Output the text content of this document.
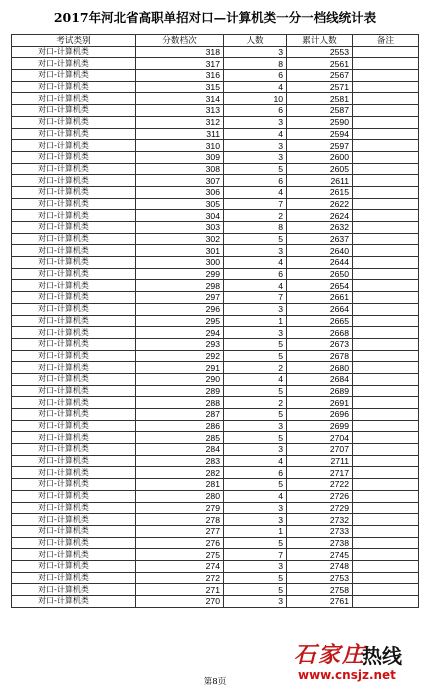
2017年河北省高职单招对口—计算机类一分一档线统计表
考试类别	分数档次	人数	累计人数	备注
对口-计算机类	318	3	2553	
对口-计算机类	317	8	2561	
对口-计算机类	316	6	2567	
对口-计算机类	315	4	2571	
对口-计算机类	314	10	2581	
对口-计算机类	313	6	2587	
对口-计算机类	312	3	2590	
对口-计算机类	311	4	2594	
对口-计算机类	310	3	2597	
对口-计算机类	309	3	2600	
对口-计算机类	308	5	2605	
对口-计算机类	307	6	2611	
对口-计算机类	306	4	2615	
对口-计算机类	305	7	2622	
对口-计算机类	304	2	2624	
对口-计算机类	303	8	2632	
对口-计算机类	302	5	2637	
对口-计算机类	301	3	2640	
对口-计算机类	300	4	2644	
对口-计算机类	299	6	2650	
对口-计算机类	298	4	2654	
对口-计算机类	297	7	2661	
对口-计算机类	296	3	2664	
对口-计算机类	295	1	2665	
对口-计算机类	294	3	2668	
对口-计算机类	293	5	2673	
对口-计算机类	292	5	2678	
对口-计算机类	291	2	2680	
对口-计算机类	290	4	2684	
对口-计算机类	289	5	2689	
对口-计算机类	288	2	2691	
对口-计算机类	287	5	2696	
对口-计算机类	286	3	2699	
对口-计算机类	285	5	2704	
对口-计算机类	284	3	2707	
对口-计算机类	283	4	2711	
对口-计算机类	282	6	2717	
对口-计算机类	281	5	2722	
对口-计算机类	280	4	2726	
对口-计算机类	279	3	2729	
对口-计算机类	278	3	2732	
对口-计算机类	277	1	2733	
对口-计算机类	276	5	2738	
对口-计算机类	275	7	2745	
对口-计算机类	274	3	2748	
对口-计算机类	272	5	2753	
对口-计算机类	271	5	2758	
对口-计算机类	270	3	2761	
石家庄
热线
www.cnsjz.net
第8页
